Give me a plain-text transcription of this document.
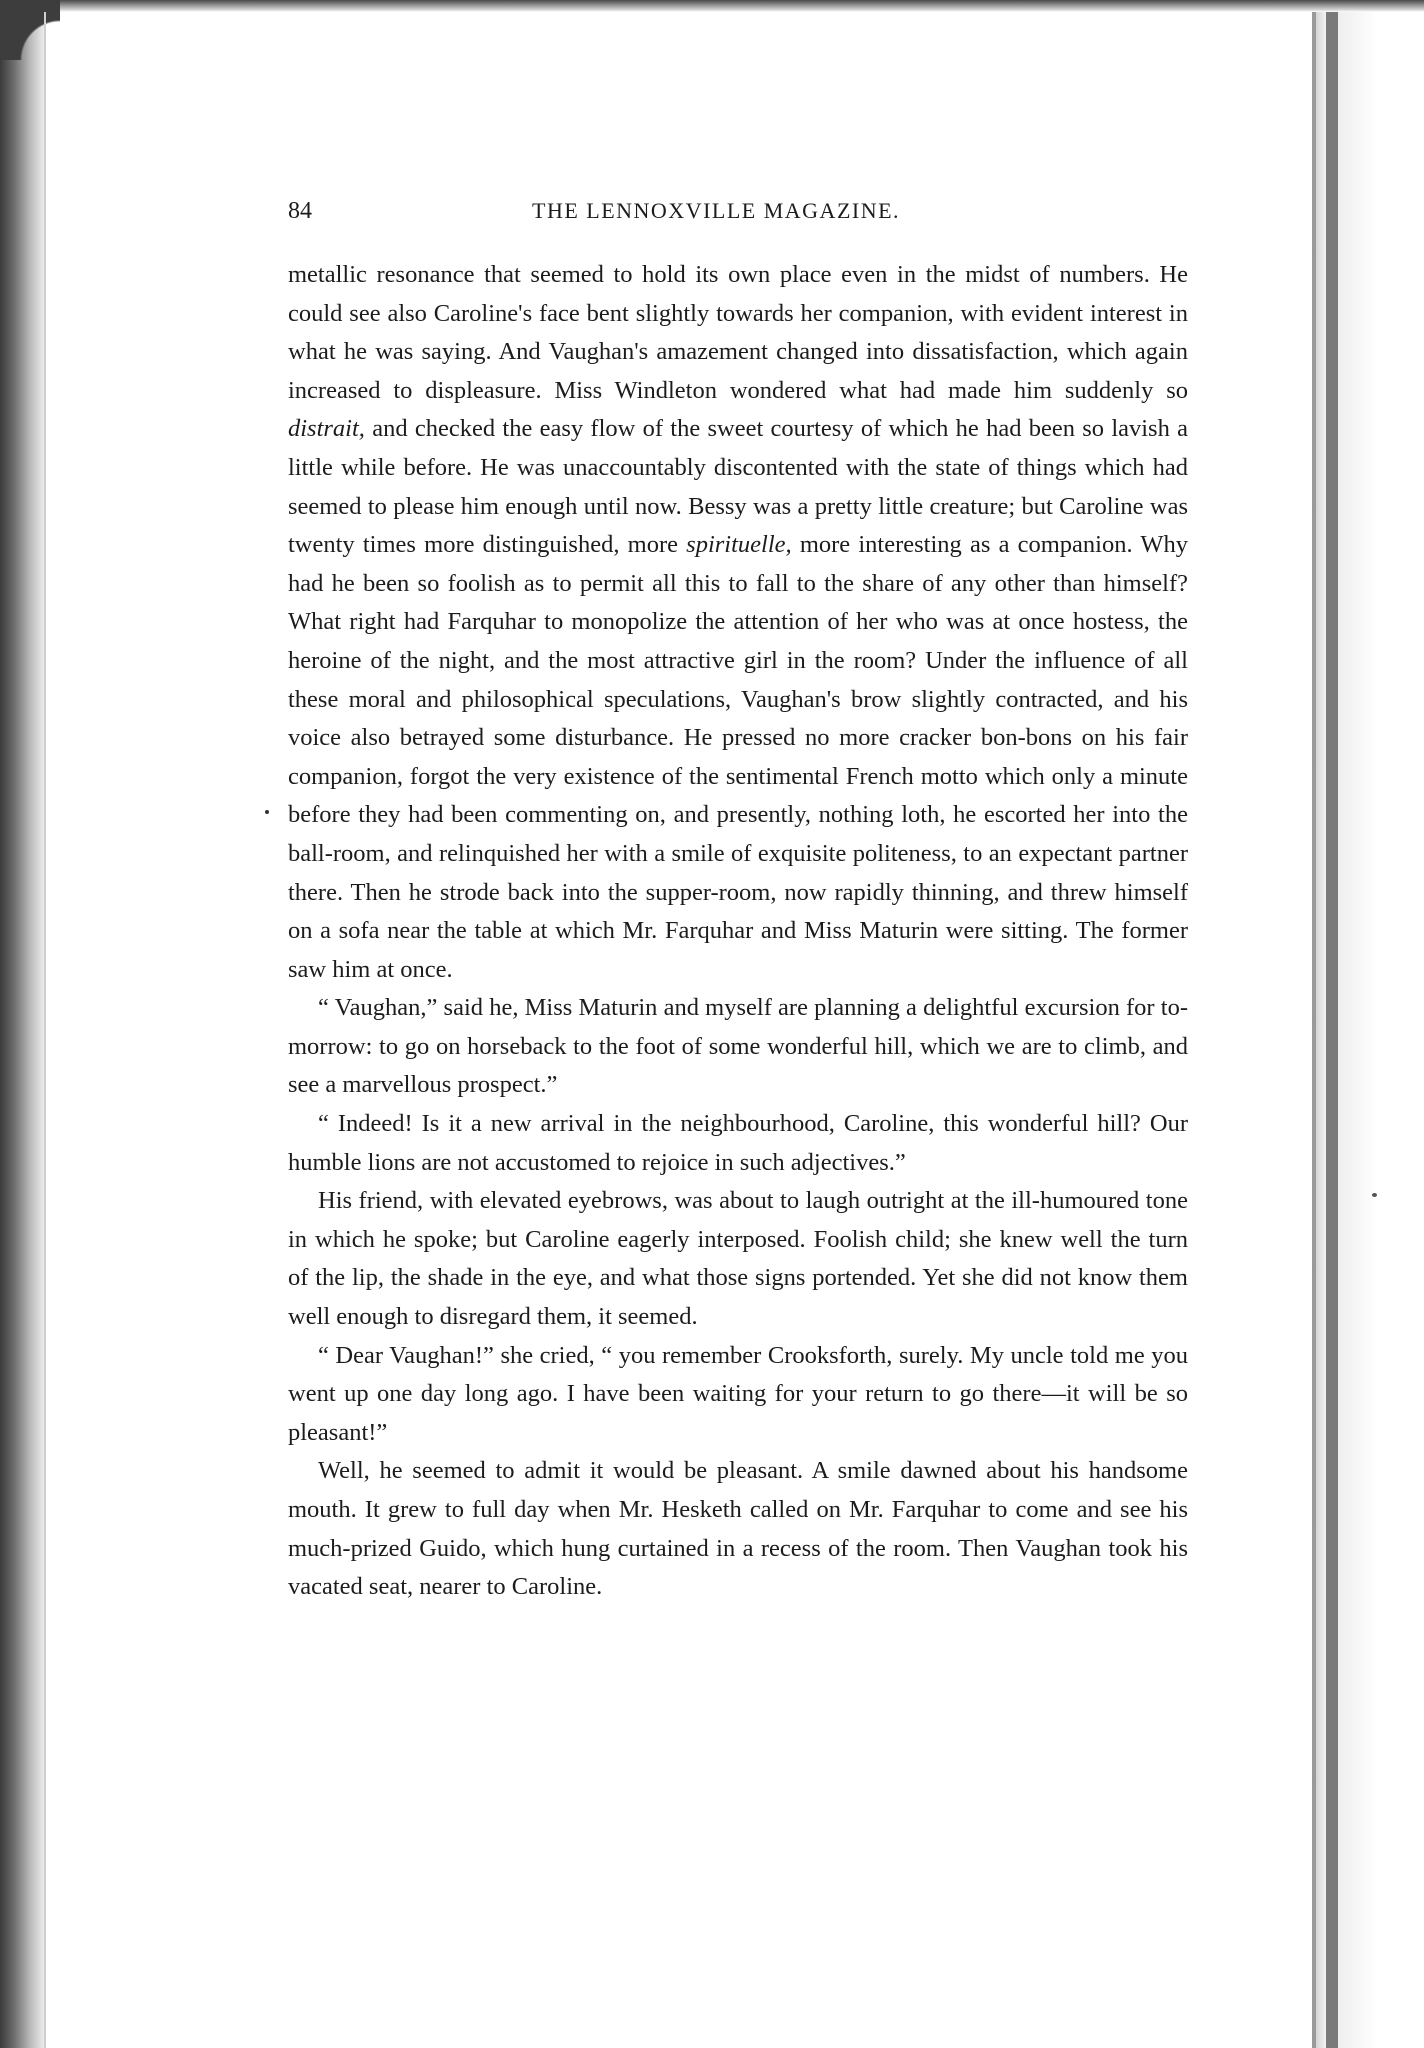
84	THE LENNOXVILLE MAGAZINE.

metallic resonance that seemed to hold its own place even in the midst of numbers. He could see also Caroline's face bent slightly towards her companion, with evident interest in what he was saying. And Vaughan's amazement changed into dissatisfaction, which again increased to displeasure. Miss Windleton wondered what had made him suddenly so distrait, and checked the easy flow of the sweet courtesy of which he had been so lavish a little while before. He was unaccountably discontented with the state of things which had seemed to please him enough until now. Bessy was a pretty little creature; but Caroline was twenty times more distinguished, more spirituelle, more interesting as a companion. Why had he been so foolish as to permit all this to fall to the share of any other than himself? What right had Farquhar to monopolize the attention of her who was at once hostess, the heroine of the night, and the most attractive girl in the room? Under the influence of all these moral and philosophical speculations, Vaughan's brow slightly contracted, and his voice also betrayed some disturbance. He pressed no more cracker bon-bons on his fair companion, forgot the very existence of the sentimental French motto which only a minute before they had been commenting on, and presently, nothing loth, he escorted her into the ball-room, and relinquished her with a smile of exquisite politeness, to an expectant partner there. Then he strode back into the supper-room, now rapidly thinning, and threw himself on a sofa near the table at which Mr. Farquhar and Miss Maturin were sitting. The former saw him at once.

“ Vaughan,” said he, Miss Maturin and myself are planning a delightful excursion for to-morrow: to go on horseback to the foot of some wonderful hill, which we are to climb, and see a marvellous prospect.”

“ Indeed! Is it a new arrival in the neighbourhood, Caroline, this wonderful hill? Our humble lions are not accustomed to rejoice in such adjectives.”

His friend, with elevated eyebrows, was about to laugh outright at the ill-humoured tone in which he spoke; but Caroline eagerly interposed. Foolish child; she knew well the turn of the lip, the shade in the eye, and what those signs portended. Yet she did not know them well enough to disregard them, it seemed.

“ Dear Vaughan!” she cried, “ you remember Crooksforth, surely. My uncle told me you went up one day long ago. I have been waiting for your return to go there—it will be so pleasant!”

Well, he seemed to admit it would be pleasant. A smile dawned about his handsome mouth. It grew to full day when Mr. Hesketh called on Mr. Farquhar to come and see his much-prized Guido, which hung curtained in a recess of the room. Then Vaughan took his vacated seat, nearer to Caroline.
